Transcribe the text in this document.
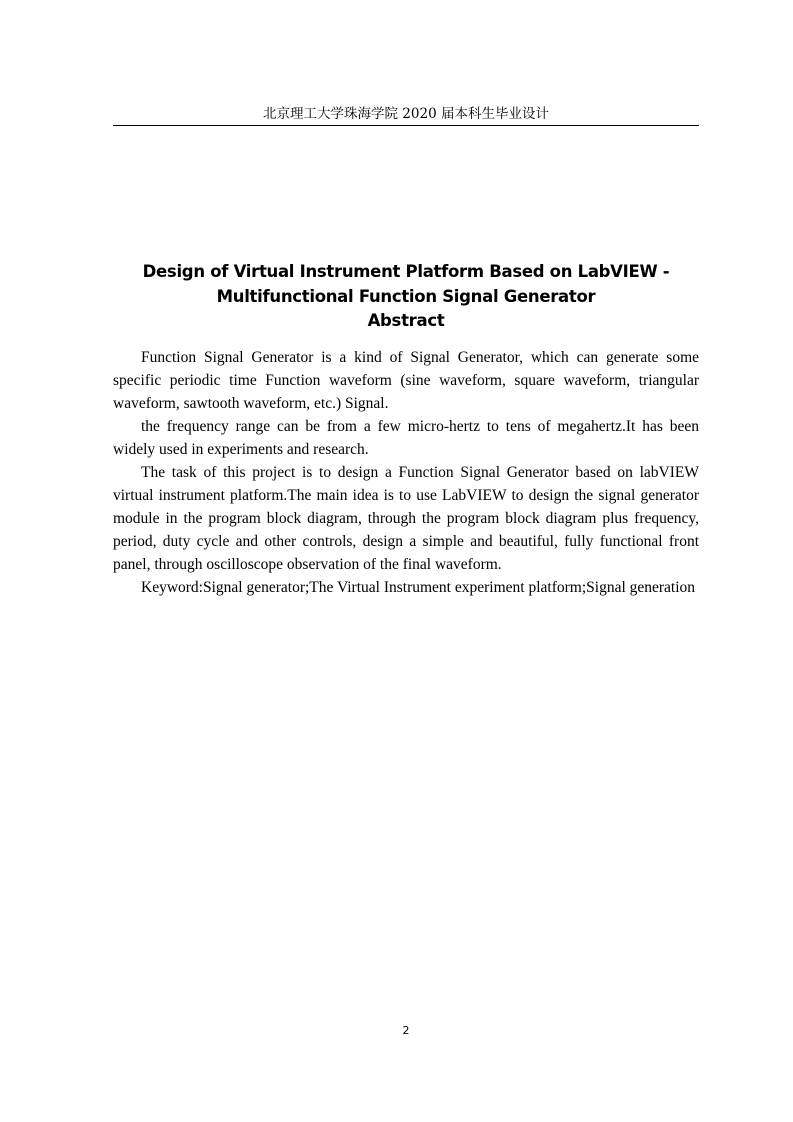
北京理工大学珠海学院 2020 届本科生毕业设计
Design of Virtual Instrument Platform Based on LabVIEW -
Multifunctional Function Signal Generator
Abstract

Function Signal Generator is a kind of Signal Generator, which can generate some specific periodic time Function waveform (sine waveform, square waveform, triangular waveform, sawtooth waveform, etc.) Signal.

the frequency range can be from a few micro-hertz to tens of megahertz.It has been widely used in experiments and research.

The task of this project is to design a Function Signal Generator based on labVIEW virtual instrument platform.The main idea is to use LabVIEW to design the signal generator module in the program block diagram, through the program block diagram plus frequency, period, duty cycle and other controls, design a simple and beautiful, fully functional front panel, through oscilloscope observation of the final waveform.

Keyword:Signal generator;The Virtual Instrument experiment platform;Signal generation

2
